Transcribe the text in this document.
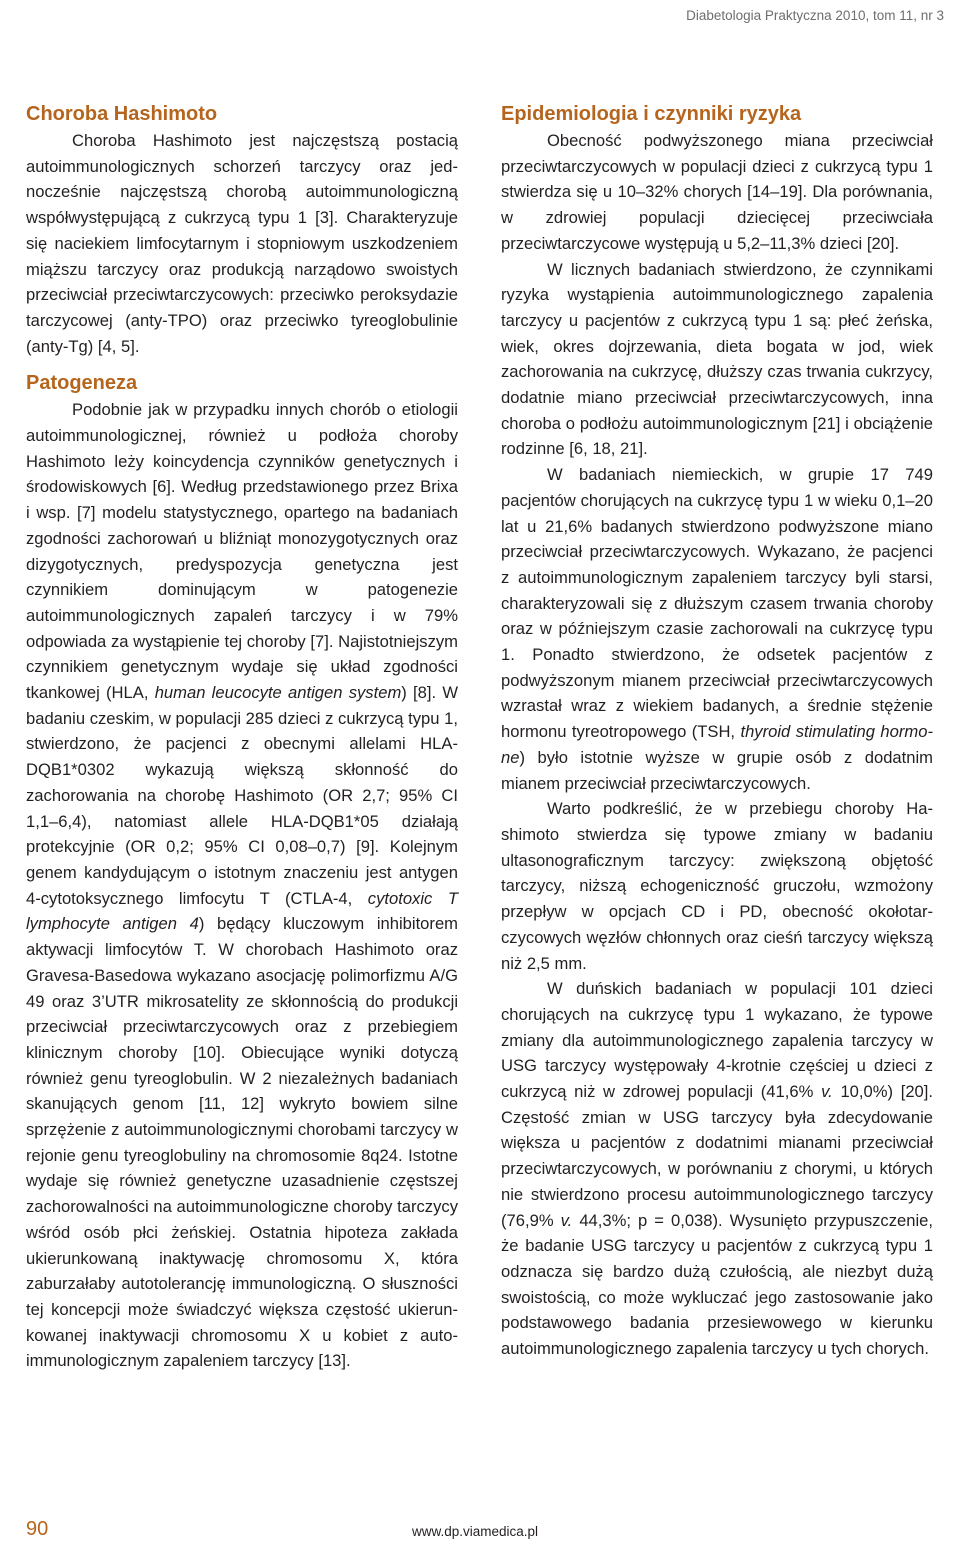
Diabetologia Praktyczna 2010, tom 11, nr 3
Choroba Hashimoto

Choroba Hashimoto jest najczęstszą postacią autoimmunologicznych schorzeń tarczycy oraz jednocześnie najczęstszą chorobą autoimmunologiczną współwystępującą z cukrzycą typu 1 [3]. Charakteryzuje się naciekiem limfocytarnym i stopniowym uszkodzeniem miąższu tarczycy oraz produkcją narządowo swoistych przeciwciał przeciwtarczycowych: przeciwko peroksydazie tarczycowej (anty-TPO) oraz przeciwko tyreoglobulinie (anty-Tg) [4, 5].

Patogeneza

Podobnie jak w przypadku innych chorób o etiologii autoimmunologicznej, również u podłoża choroby Hashimoto leży koincydencja czynników genetycznych i środowiskowych [6]. Według przedstawionego przez Brixa i wsp. [7] modelu statystycznego, opartego na badaniach zgodności zachorowań u bliźniąt monozygotycznych oraz dizygotycznych, predyspozycja genetyczna jest czynnikiem dominującym w patogenezie autoimmunologicznych zapaleń tarczycy i w 79% odpowiada za wystąpienie tej choroby [7]. Najistotniejszym czynnikiem genetycznym wydaje się układ zgodności tkankowej (HLA, human leucocyte antigen system) [8]. W badaniu czeskim, w populacji 285 dzieci z cukrzycą typu 1, stwierdzono, że pacjenci z obecnymi allelami HLA-DQB1*0302 wykazują większą skłonność do zachorowania na chorobę Hashimoto (OR 2,7; 95% CI 1,1–6,4), natomiast allele HLA-DQB1*05 działają protekcyjnie (OR 0,2; 95% CI 0,08–0,7) [9]. Kolejnym genem kandydującym o istotnym znaczeniu jest antygen 4-cytotoksycznego limfocytu T (CTLA-4, cytotoxic T lymphocyte antigen 4) będący kluczowym inhibitorem aktywacji limfocytów T. W chorobach Hashimoto oraz Gravesa-Basedowa wykazano asocjację polimorfizmu A/G 49 oraz 3’UTR mikrosatelity ze skłonnością do produkcji przeciwciał przeciwtarczycowych oraz z przebiegiem klinicznym choroby [10]. Obiecujące wyniki dotyczą również genu tyreoglobulin. W 2 niezależnych badaniach skanujących genom [11, 12] wykryto bowiem silne sprzężenie z autoimmunologicznymi chorobami tarczycy w rejonie genu tyreoglobuliny na chromosomie 8q24. Istotne wydaje się również genetyczne uzasadnienie częstszej zachorowalności na autoimmunologiczne choroby tarczycy wśród osób płci żeńskiej. Ostatnia hipoteza zakłada ukierunkowaną inaktywację chromosomu X, która zaburzałaby autotolerancję immunologiczną. O słuszności tej koncepcji może świadczyć większa częstość ukierunkowanej inaktywacji chromosomu X u kobiet z autoimmunologicznym zapaleniem tarczycy [13].

Epidemiologia i czynniki ryzyka

Obecność podwyższonego miana przeciwciał przeciwtarczycowych w populacji dzieci z cukrzycą typu 1 stwierdza się u 10–32% chorych [14–19]. Dla porównania, w zdrowiej populacji dziecięcej przeciwciała przeciwtarczycowe występują u 5,2–11,3% dzieci [20].

W licznych badaniach stwierdzono, że czynnikami ryzyka wystąpienia autoimmunologicznego zapalenia tarczycy u pacjentów z cukrzycą typu 1 są: płeć żeńska, wiek, okres dojrzewania, dieta bogata w jod, wiek zachorowania na cukrzycę, dłuższy czas trwania cukrzycy, dodatnie miano przeciwciał przeciwtarczycowych, inna choroba o podłożu autoimmunologicznym [21] i obciążenie rodzinne [6, 18, 21].

W badaniach niemieckich, w grupie 17 749 pacjentów chorujących na cukrzycę typu 1 w wieku 0,1–20 lat u 21,6% badanych stwierdzono podwyższone miano przeciwciał przeciwtarczycowych. Wykazano, że pacjenci z autoimmunologicznym zapaleniem tarczycy byli starsi, charakteryzowali się z dłuższym czasem trwania choroby oraz w późniejszym czasie zachorowali na cukrzycę typu 1. Ponadto stwierdzono, że odsetek pacjentów z podwyższonym mianem przeciwciał przeciwtarczycowych wzrastał wraz z wiekiem badanych, a średnie stężenie hormonu tyreotropowego (TSH, thyroid stimulating hormone) było istotnie wyższe w grupie osób z dodatnim mianem przeciwciał przeciwtarczycowych.

Warto podkreślić, że w przebiegu choroby Hashimoto stwierdza się typowe zmiany w badaniu ultasonograficznym tarczycy: zwiększoną objętość tarczycy, niższą echogeniczność gruczołu, wzmożony przepływ w opcjach CD i PD, obecność okołotarczycowych węzłów chłonnych oraz cieśń tarczycy większą niż 2,5 mm.

W duńskich badaniach w populacji 101 dzieci chorujących na cukrzycę typu 1 wykazano, że typowe zmiany dla autoimmunologicznego zapalenia tarczycy w USG tarczycy występowały 4-krotnie częściej u dzieci z cukrzycą niż w zdrowej populacji (41,6% v. 10,0%) [20]. Częstość zmian w USG tarczycy była zdecydowanie większa u pacjentów z dodatnimi mianami przeciwciał przeciwtarczycowych, w porównaniu z chorymi, u których nie stwierdzono procesu autoimmunologicznego tarczycy (76,9% v. 44,3%; p = 0,038). Wysunięto przypuszczenie, że badanie USG tarczycy u pacjentów z cukrzycą typu 1 odznacza się bardzo dużą czułością, ale niezbyt dużą swoistością, co może wykluczać jego zastosowanie jako podstawowego badania przesiewowego w kierunku autoimmunologicznego zapalenia tarczycy u tych chorych.

90	www.dp.viamedica.pl
